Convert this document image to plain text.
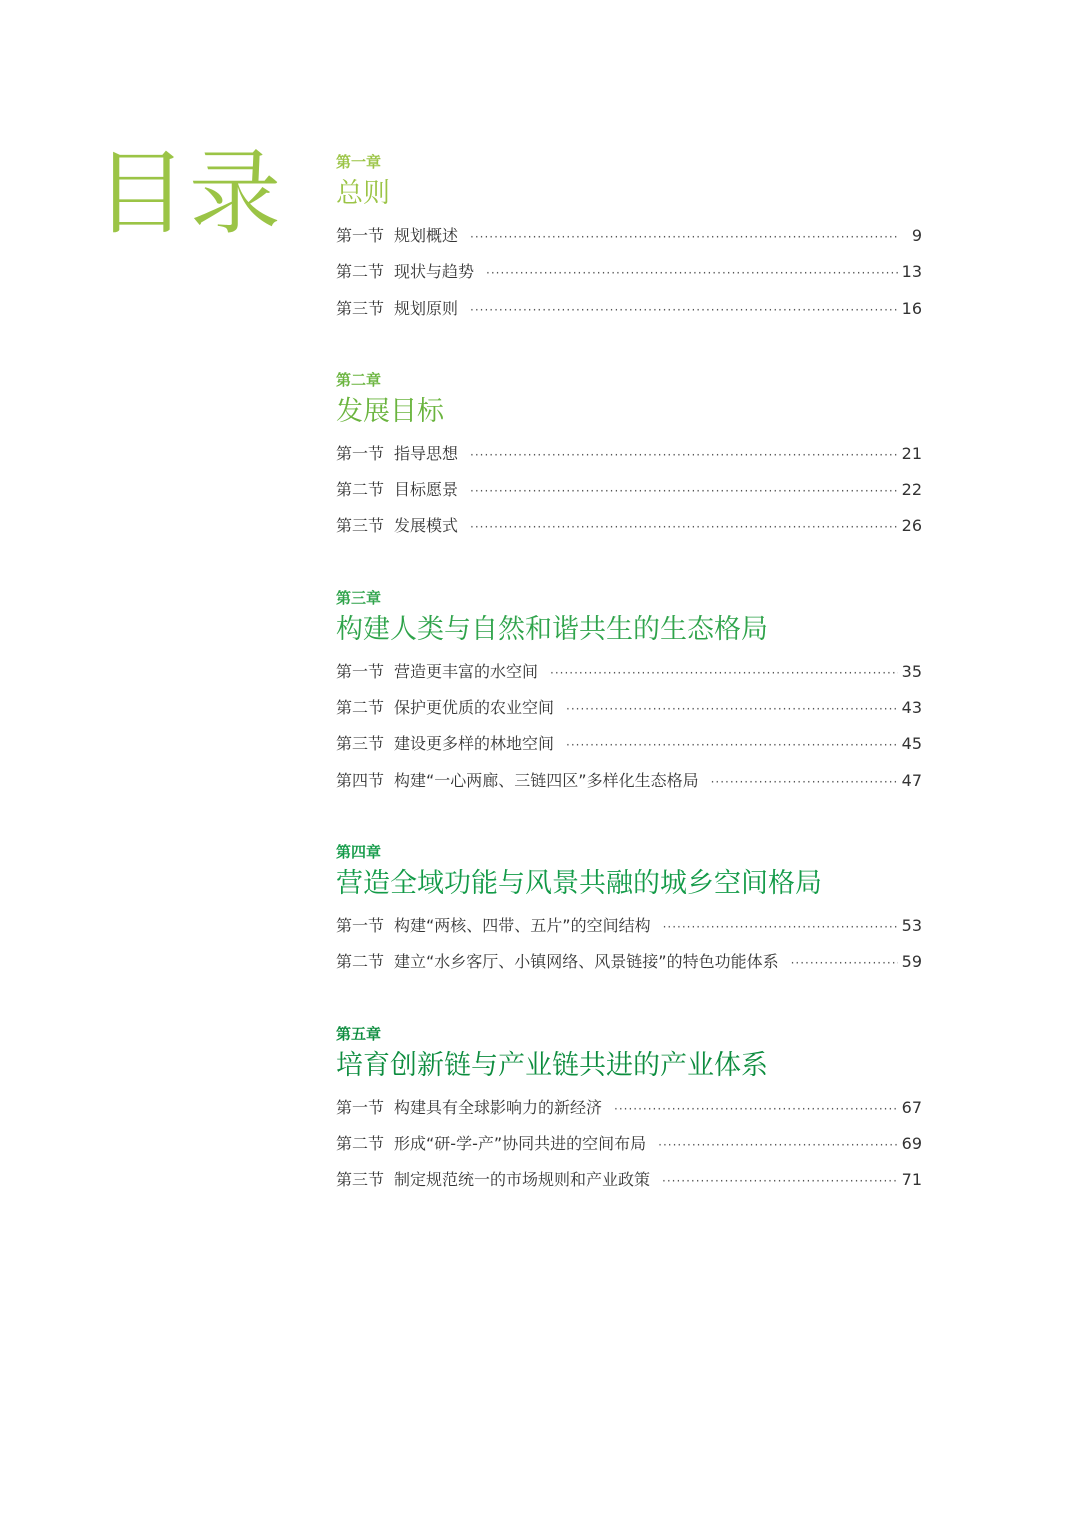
目录	第一章
总则
第一节 规划概述 ·····	9
第二节 现状与趋势 ·····	13
第三节 规划原则 ·····	16
第二章
发展目标
第一节 指导思想 ·····	21
第二节 目标愿景 ·····	22
第三节 发展模式 ·····	26
第三章
构建人类与自然和谐共生的生态格局
第一节 营造更丰富的水空间 ·····	35
第二节 保护更优质的农业空间 ·····	43
第三节 建设更多样的林地空间 ·····	45
第四节 构建“一心两廊、三链四区”多样化生态格局 ·····	47
第四章
营造全域功能与风景共融的城乡空间格局
第一节 构建“两核、四带、五片”的空间结构 ·····	53
第二节 建立“水乡客厅、小镇网络、风景链接”的特色功能体系 ·····	59
第五章
培育创新链与产业链共进的产业体系
第一节 构建具有全球影响力的新经济 ·····	67
第二节 形成“研-学-产”协同共进的空间布局 ·····	69
第三节 制定规范统一的市场规则和产业政策 ·····	71
